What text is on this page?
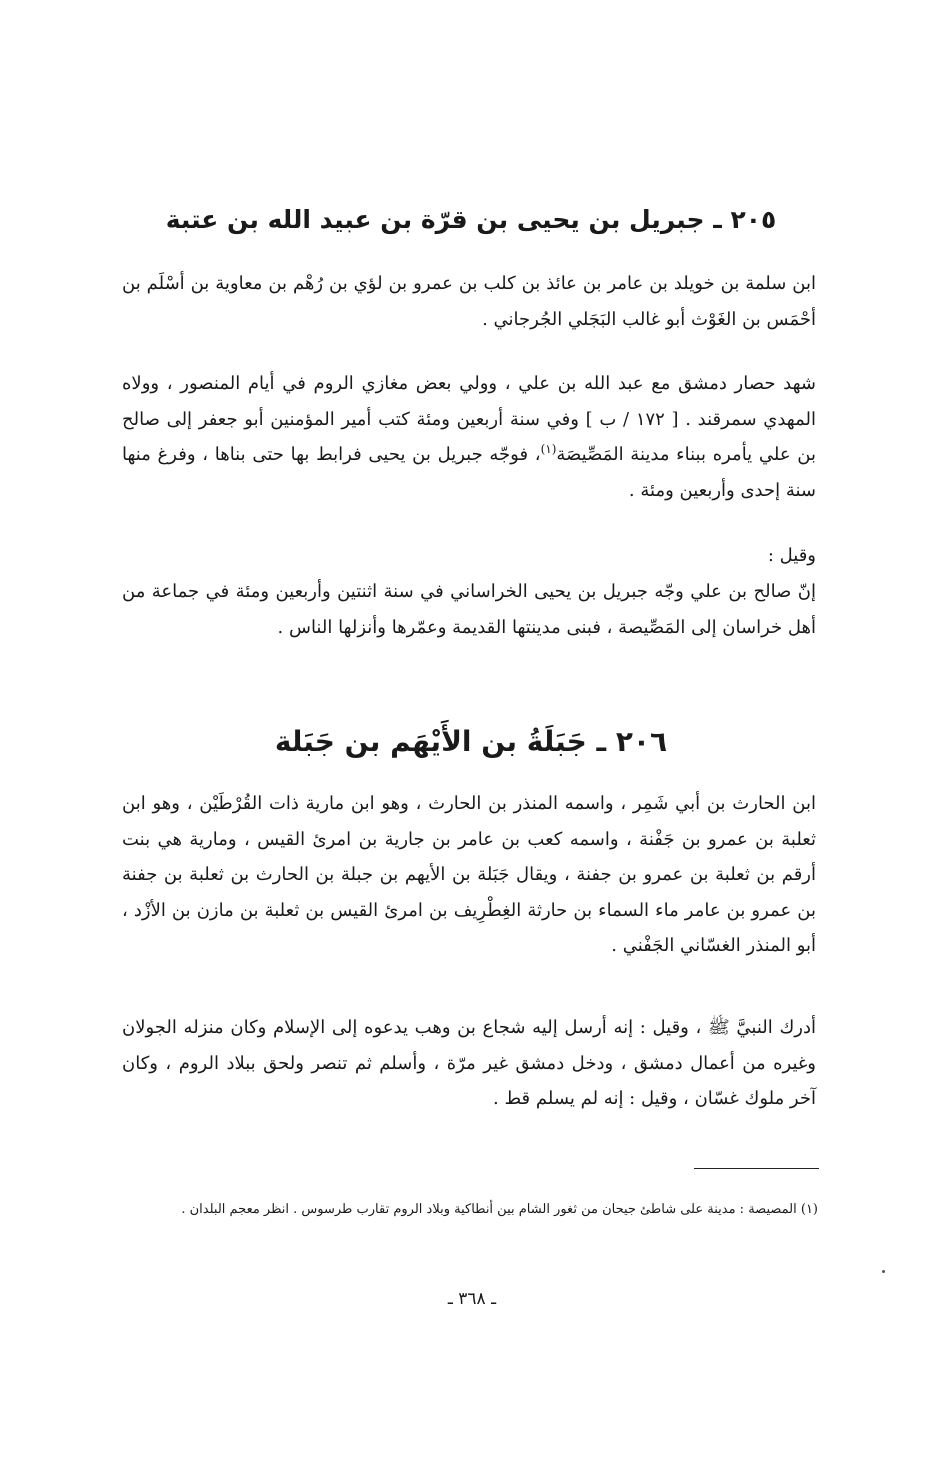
٢٠٥ ـ جبريل بن يحيى بن قرّة بن عبيد الله بن عتبة

ابن سلمة بن خويلد بن عامر بن عائذ بن كلب بن عمرو بن لؤي بن رُهْم بن معاوية بن أسْلَم بن أحْمَس بن الغَوْث أبو غالب البَجَلي الجُرجاني .

شهد حصار دمشق مع عبد الله بن علي ، وولي بعض مغازي الروم في أيام المنصور ، وولاه المهدي سمرقند . [ ١٧٢ / ب ] وفي سنة أربعين ومئة كتب أمير المؤمنين أبو جعفر إلى صالح بن علي يأمره ببناء مدينة المَصِّيصَة$^{(١)}$، فوجّه جبريل بن يحيى فرابط بها حتى بناها ، وفرغ منها سنة إحدى وأربعين ومئة .

وقيل :

إنّ صالح بن علي وجّه جبريل بن يحيى الخراساني في سنة اثنتين وأربعين ومئة في جماعة من أهل خراسان إلى المَصِّيصة ، فبنى مدينتها القديمة وعمّرها وأنزلها الناس .

٢٠٦ ـ جَبَلَةُ بن الأَيْهَم بن جَبَلة

ابن الحارث بن أبي شَمِر ، واسمه المنذر بن الحارث ، وهو ابن مارية ذات القُرْطَيْن ، وهو ابن ثعلبة بن عمرو بن جَفْنة ، واسمه كعب بن عامر بن جارية بن امرئ القيس ، ومارية هي بنت أرقم بن ثعلبة بن عمرو بن جفنة ، ويقال جَبَلة بن الأيهم بن جبلة بن الحارث بن ثعلبة بن جفنة بن عمرو بن عامر ماء السماء بن حارثة الغِطْرِيف بن امرئ القيس بن ثعلبة بن مازن بن الأزْد ، أبو المنذر الغسّاني الجَفْني .

أدرك النبيَّ ﷺ ، وقيل : إنه أرسل إليه شجاع بن وهب يدعوه إلى الإسلام وكان منزله الجولان وغيره من أعمال دمشق ، ودخل دمشق غير مرّة ، وأسلم ثم تنصر ولحق ببلاد الروم ، وكان آخر ملوك غسّان ، وقيل : إنه لم يسلم قط .

(١) المصيصة : مدينة على شاطئ جيحان من ثغور الشام بين أنطاكية وبلاد الروم تقارب طرسوس . انظر معجم البلدان .

ـ ٣٦٨ ـ
